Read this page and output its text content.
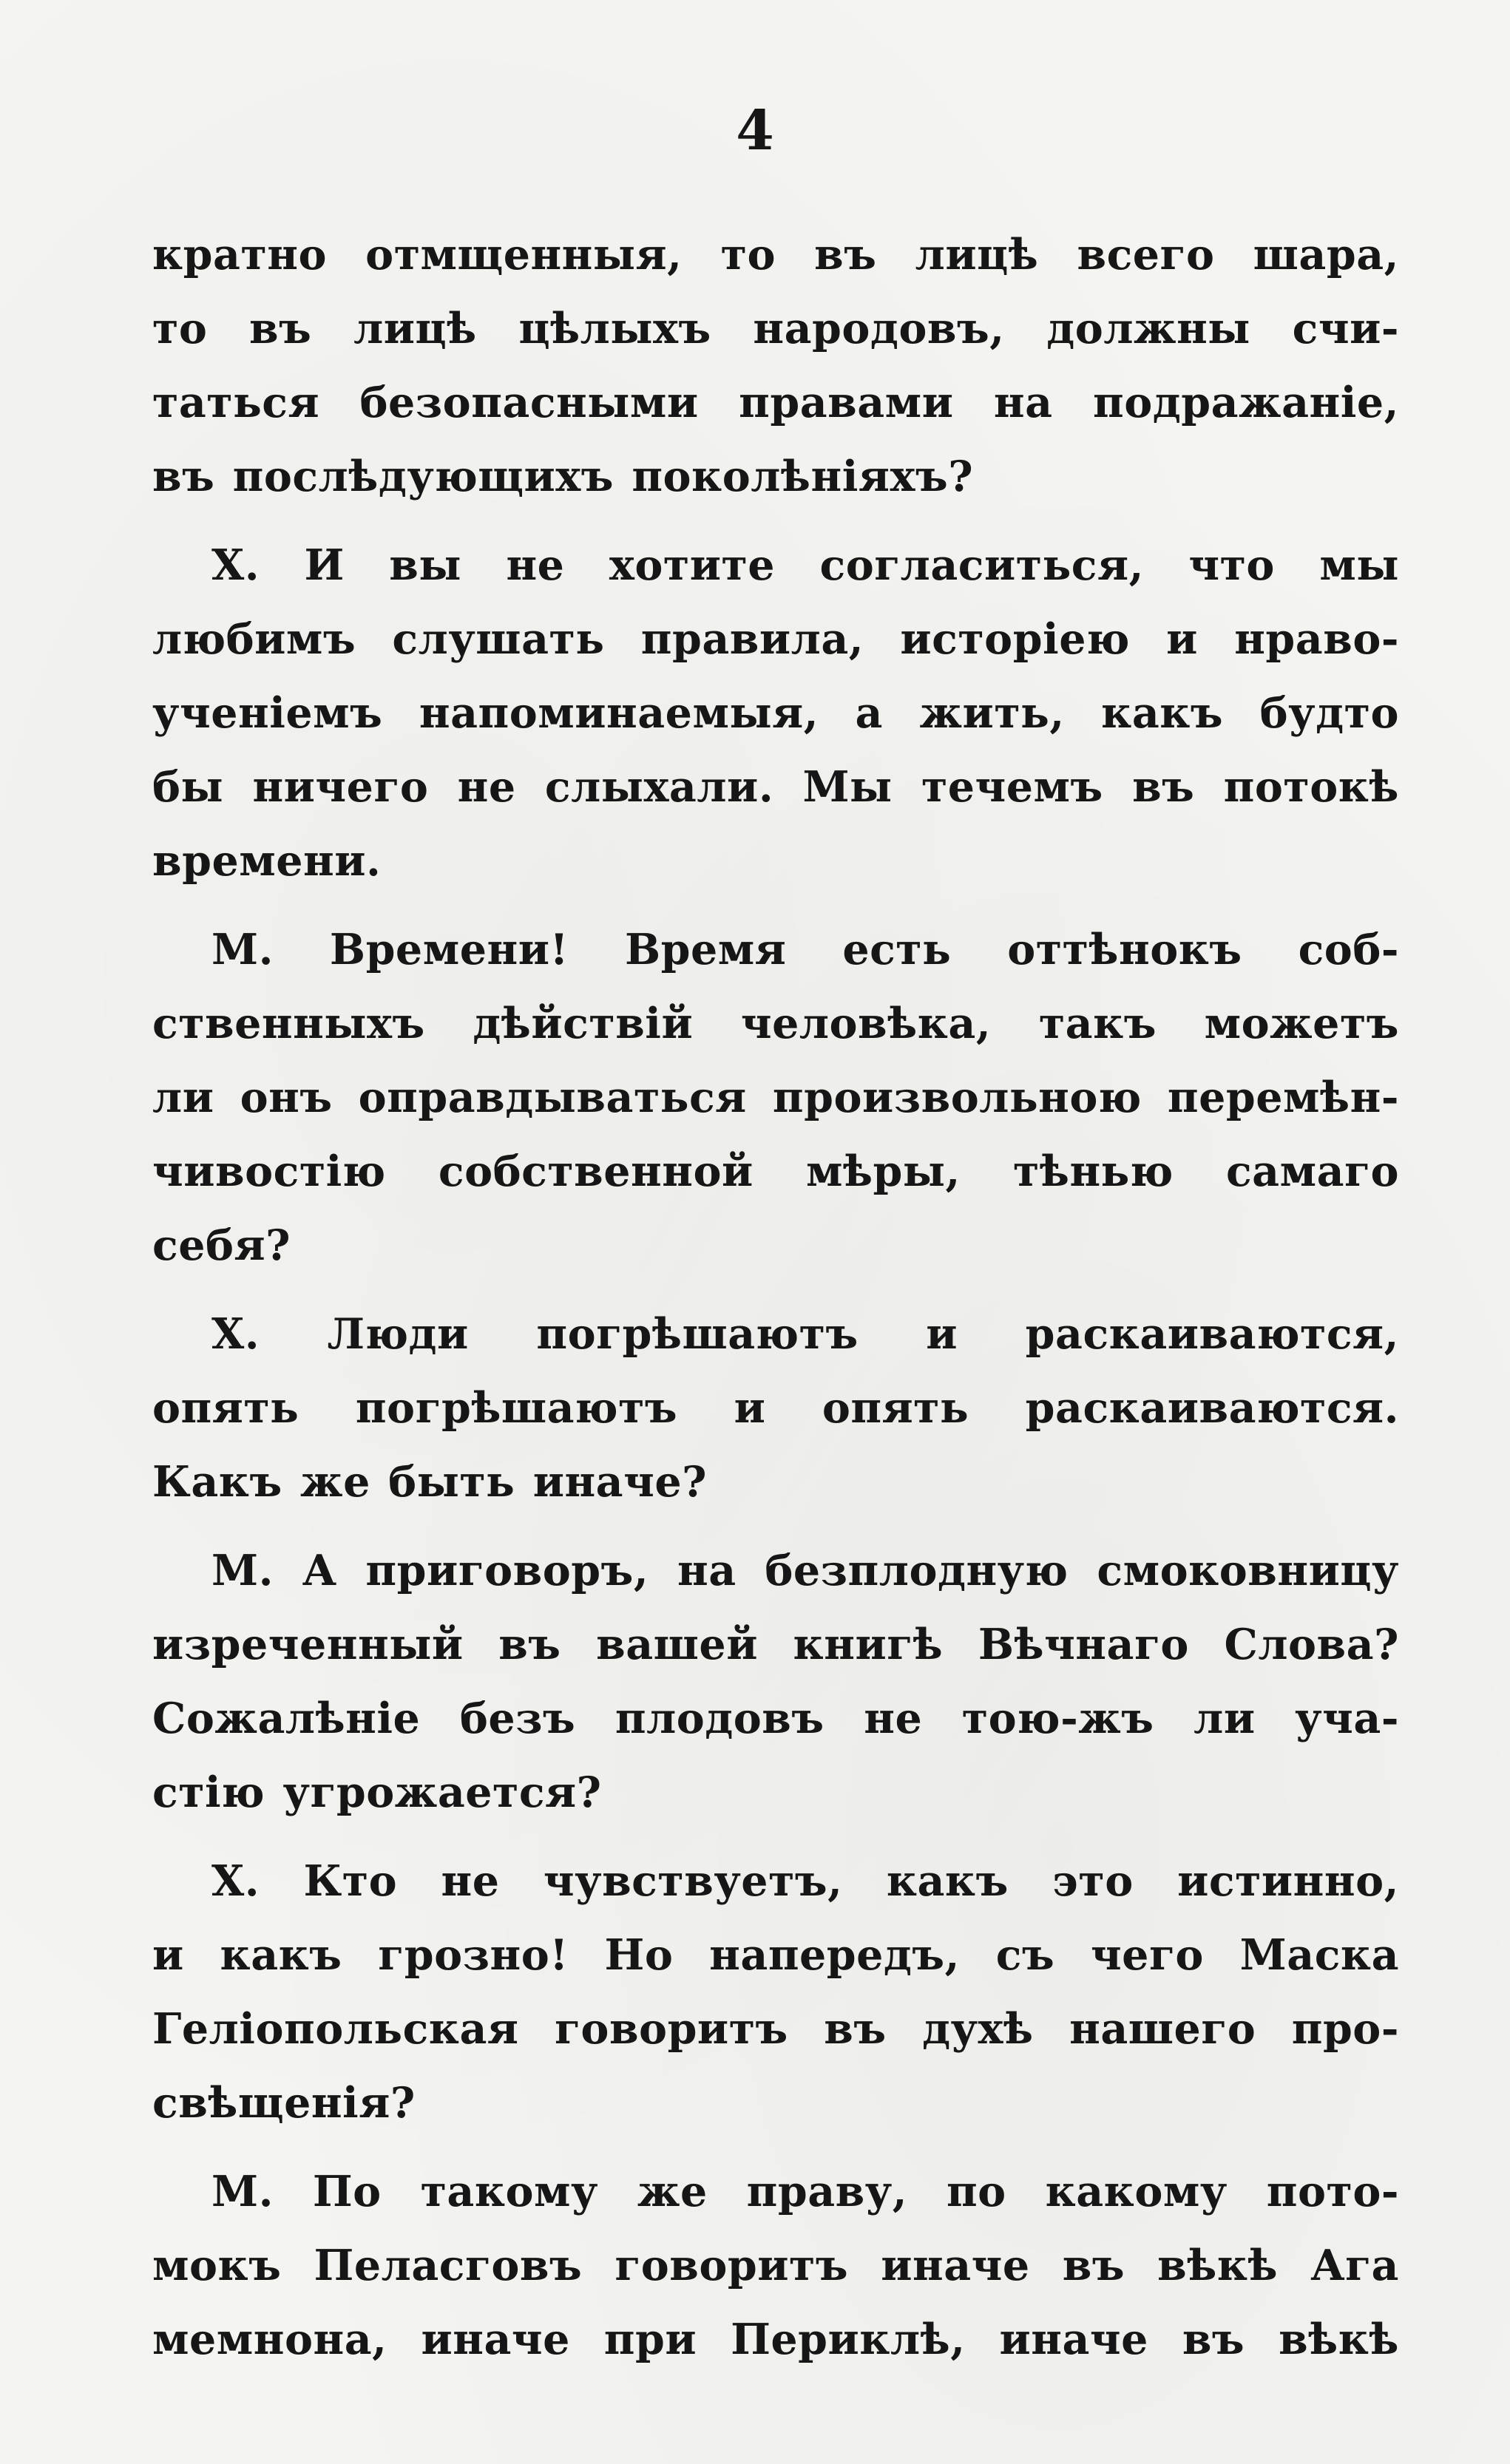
4
кратно отмщенныя, то въ лицѣ всего шара,
то въ лицѣ цѣлыхъ народовъ, должны счи-
таться безопасными правами на подражаніе,
въ послѣдующихъ поколѣніяхъ?
Х. И вы не хотите согласиться, что мы
любимъ слушать правила, исторіею и нраво-
ученіемъ напоминаемыя, а жить, какъ будто
бы ничего не слыхали. Мы течемъ въ потокѣ
времени.
М. Времени! Время есть оттѣнокъ соб-
ственныхъ дѣйствій человѣка, такъ можетъ
ли онъ оправдываться произвольною перемѣн-
чивостію собственной мѣры, тѣнью самаго
себя?
Х. Люди погрѣшаютъ и раскаиваются,
опять погрѣшаютъ и опять раскаиваются.
Какъ же быть иначе?
М. А приговоръ, на безплодную смоковницу
изреченный въ вашей книгѣ Вѣчнаго Слова?
Сожалѣніе безъ плодовъ не тою-жъ ли уча-
стію угрожается?
Х. Кто не чувствуетъ, какъ это истинно,
и какъ грозно! Но напередъ, съ чего Маска
Геліопольская говоритъ въ духѣ нашего про-
свѣщенія?
М. По такому же праву, по какому пото-
мокъ Пеласговъ говоритъ иначе въ вѣкѣ Ага
мемнона, иначе при Периклѣ, иначе въ вѣкѣ
